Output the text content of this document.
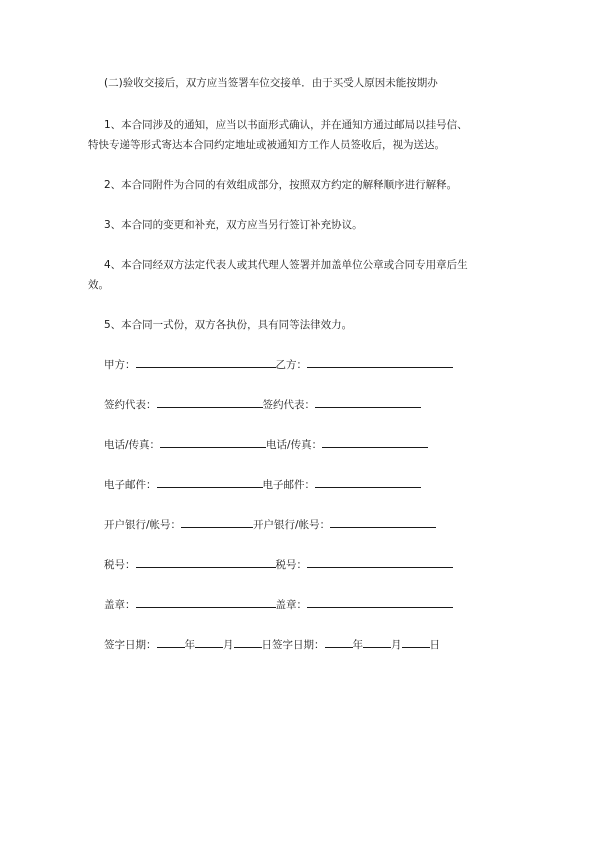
(二)验收交接后，双方应当签署车位交接单．由于买受人原因未能按期办
1、本合同涉及的通知，应当以书面形式确认，并在通知方通过邮局以挂号信、
特快专递等形式寄达本合同约定地址或被通知方工作人员签收后，视为送达。
2、本合同附件为合同的有效组成部分，按照双方约定的解释顺序进行解释。
3、本合同的变更和补充，双方应当另行签订补充协议。
4、本合同经双方法定代表人或其代理人签署并加盖单位公章或合同专用章后生
效。
5、本合同一式份，双方各执份，具有同等法律效力。
甲方：	乙方：
签约代表：	签约代表：
电话/传真：	电话/传真：
电子邮件：	电子邮件：
开户银行/帐号：	开户银行/帐号：
税号：	税号：
盖章：	盖章：
签字日期：	年	月	日签字日期：	年	月	日
